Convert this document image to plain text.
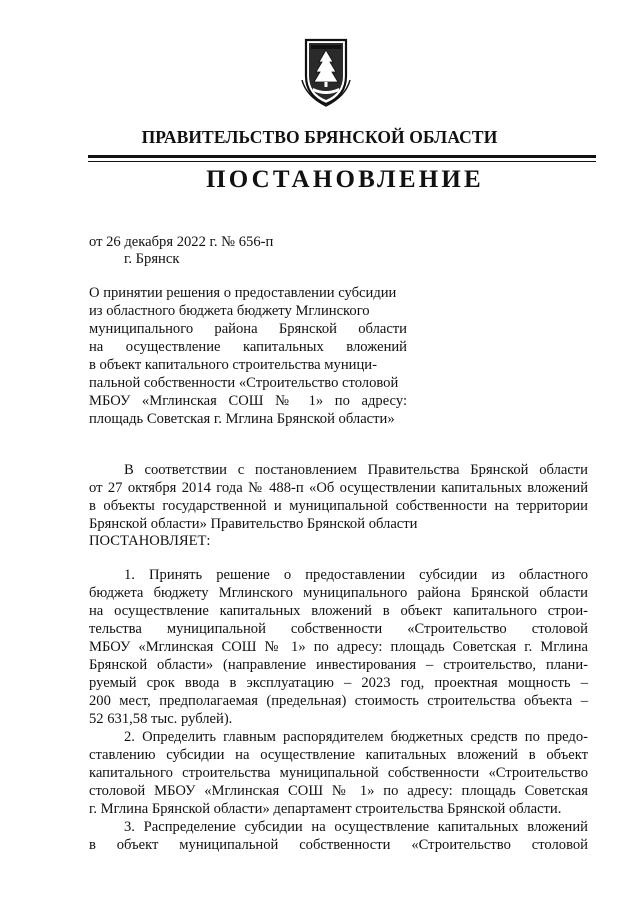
ПРАВИТЕЛЬСТВО БРЯНСКОЙ ОБЛАСТИ
ПОСТАНОВЛЕНИЕ
от 26 декабря 2022 г. № 656-п
г. Брянск
О принятии решения о предоставлении субсидии
из областного бюджета бюджету Мглинского
муниципального района Брянской области
на осуществление капитальных вложений
в объект капитального строительства муници-
пальной собственности «Строительство столовой
МБОУ «Мглинская СОШ № 1» по адресу:
площадь Советская г. Мглина Брянской области»
В соответствии с постановлением Правительства Брянской области
от 27 октября 2014 года № 488-п «Об осуществлении капитальных вложений
в объекты государственной и муниципальной собственности на территории
Брянской области» Правительство Брянской области
ПОСТАНОВЛЯЕТ:
1. Принять решение о предоставлении субсидии из областного
бюджета бюджету Мглинского муниципального района Брянской области
на осуществление капитальных вложений в объект капитального строи-
тельства муниципальной собственности «Строительство столовой
МБОУ «Мглинская СОШ № 1» по адресу: площадь Советская г. Мглина
Брянской области» (направление инвестирования – строительство, плани-
руемый срок ввода в эксплуатацию – 2023 год, проектная мощность –
200 мест, предполагаемая (предельная) стоимость строительства объекта –
52 631,58 тыс. рублей).
2. Определить главным распорядителем бюджетных средств по предо-
ставлению субсидии на осуществление капитальных вложений в объект
капитального строительства муниципальной собственности «Строительство
столовой МБОУ «Мглинская СОШ № 1» по адресу: площадь Советская
г. Мглина Брянской области» департамент строительства Брянской области.
3. Распределение субсидии на осуществление капитальных вложений
в объект муниципальной собственности «Строительство столовой
